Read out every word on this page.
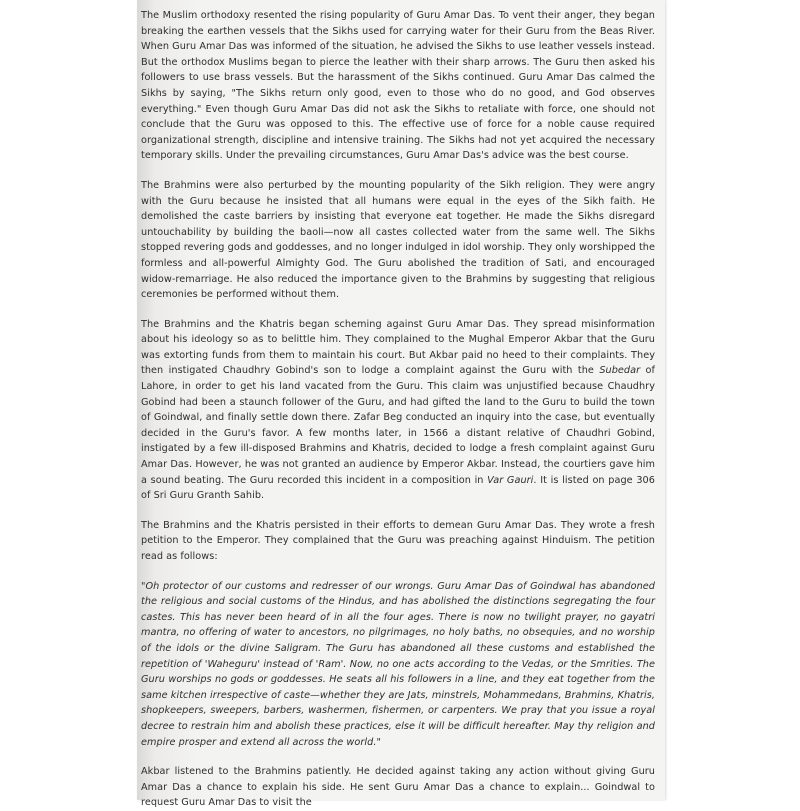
The Muslim orthodoxy resented the rising popularity of Guru Amar Das. To vent their anger, they began breaking the earthen vessels that the Sikhs used for carrying water for their Guru from the Beas River. When Guru Amar Das was informed of the situation, he advised the Sikhs to use leather vessels instead. But the orthodox Muslims began to pierce the leather with their sharp arrows. The Guru then asked his followers to use brass vessels. But the harassment of the Sikhs continued. Guru Amar Das calmed the Sikhs by saying, "The Sikhs return only good, even to those who do no good, and God observes everything." Even though Guru Amar Das did not ask the Sikhs to retaliate with force, one should not conclude that the Guru was opposed to this. The effective use of force for a noble cause required organizational strength, discipline and intensive training. The Sikhs had not yet acquired the necessary temporary skills. Under the prevailing circumstances, Guru Amar Das's advice was the best course.

The Brahmins were also perturbed by the mounting popularity of the Sikh religion. They were angry with the Guru because he insisted that all humans were equal in the eyes of the Sikh faith. He demolished the caste barriers by insisting that everyone eat together. He made the Sikhs disregard untouchability by building the baoli—now all castes collected water from the same well. The Sikhs stopped revering gods and goddesses, and no longer indulged in idol worship. They only worshipped the formless and all-powerful Almighty God. The Guru abolished the tradition of Sati, and encouraged widow-remarriage. He also reduced the importance given to the Brahmins by suggesting that religious ceremonies be performed without them.

The Brahmins and the Khatris began scheming against Guru Amar Das. They spread misinformation about his ideology so as to belittle him. They complained to the Mughal Emperor Akbar that the Guru was extorting funds from them to maintain his court. But Akbar paid no heed to their complaints. They then instigated Chaudhry Gobind's son to lodge a complaint against the Guru with the Subedar of Lahore, in order to get his land vacated from the Guru. This claim was unjustified because Chaudhry Gobind had been a staunch follower of the Guru, and had gifted the land to the Guru to build the town of Goindwal, and finally settle down there. Zafar Beg conducted an inquiry into the case, but eventually decided in the Guru's favor. A few months later, in 1566 a distant relative of Chaudhri Gobind, instigated by a few ill-disposed Brahmins and Khatris, decided to lodge a fresh complaint against Guru Amar Das. However, he was not granted an audience by Emperor Akbar. Instead, the courtiers gave him a sound beating. The Guru recorded this incident in a composition in Var Gauri. It is listed on page 306 of Sri Guru Granth Sahib.

The Brahmins and the Khatris persisted in their efforts to demean Guru Amar Das. They wrote a fresh petition to the Emperor. They complained that the Guru was preaching against Hinduism. The petition read as follows:

"Oh protector of our customs and redresser of our wrongs. Guru Amar Das of Goindwal has abandoned the religious and social customs of the Hindus, and has abolished the distinctions segregating the four castes. This has never been heard of in all the four ages. There is now no twilight prayer, no gayatri mantra, no offering of water to ancestors, no pilgrimages, no holy baths, no obsequies, and no worship of the idols or the divine Saligram. The Guru has abandoned all these customs and established the repetition of 'Waheguru' instead of 'Ram'. Now, no one acts according to the Vedas, or the Smrities. The Guru worships no gods or goddesses. He seats all his followers in a line, and they eat together from the same kitchen irrespective of caste—whether they are Jats, minstrels, Mohammedans, Brahmins, Khatris, shopkeepers, sweepers, barbers, washermen, fishermen, or carpenters. We pray that you issue a royal decree to restrain him and abolish these practices, else it will be difficult hereafter. May thy religion and empire prosper and extend all across the world."

Akbar listened to the Brahmins patiently. He decided against taking any action without giving Guru Amar Das a chance to explain his side. He sent Guru Amar Das a chance to explain... Goindwal to request Guru Amar Das to visit the
